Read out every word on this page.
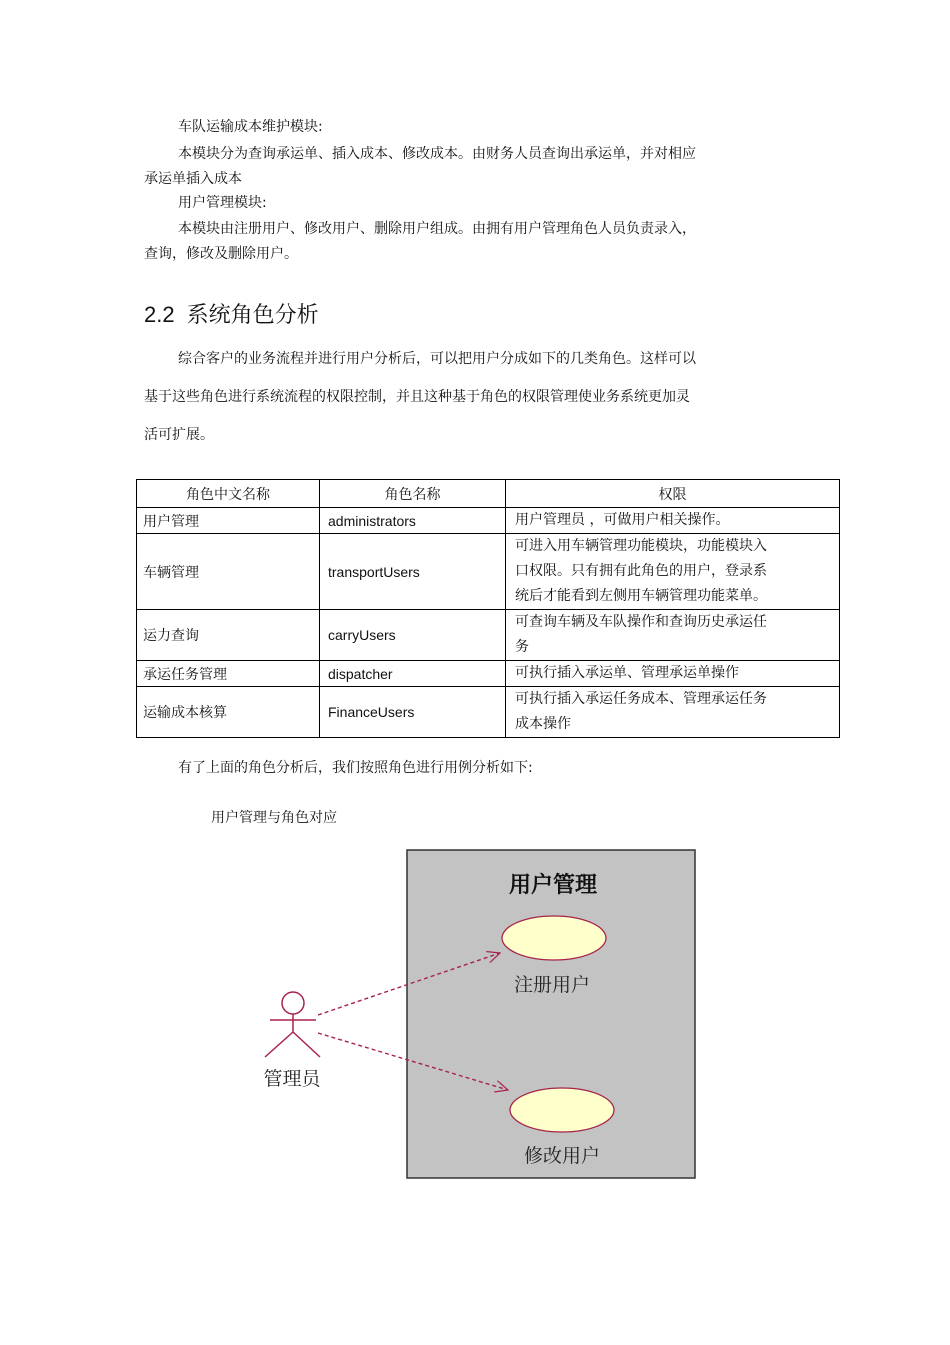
车队运输成本维护模块:
本模块分为查询承运单、插入成本、修改成本。由财务人员查询出承运单，并对相应
承运单插入成本
用户管理模块:
本模块由注册用户、修改用户、删除用户组成。由拥有用户管理角色人员负责录入，
查询，修改及删除用户。
2.2 系统角色分析
综合客户的业务流程并进行用户分析后，可以把用户分成如下的几类角色。这样可以
基于这些角色进行系统流程的权限控制，并且这种基于角色的权限管理使业务系统更加灵
活可扩展。
角色中文名称	角色名称	权限
用户管理	administrators	用户管理员 ，可做用户相关操作。
车辆管理	transportUsers	可进入用车辆管理功能模块，功能模块入
口权限。只有拥有此角色的用户，登录系
统后才能看到左侧用车辆管理功能菜单。
运力查询	carryUsers	可查询车辆及车队操作和查询历史承运任
务
承运任务管理	dispatcher	可执行插入承运单、管理承运单操作
运输成本核算	FinanceUsers	可执行插入承运任务成本、管理承运任务
成本操作
有了上面的角色分析后，我们按照角色进行用例分析如下:
用户管理与角色对应
用户管理
注册用户
修改用户
管理员
